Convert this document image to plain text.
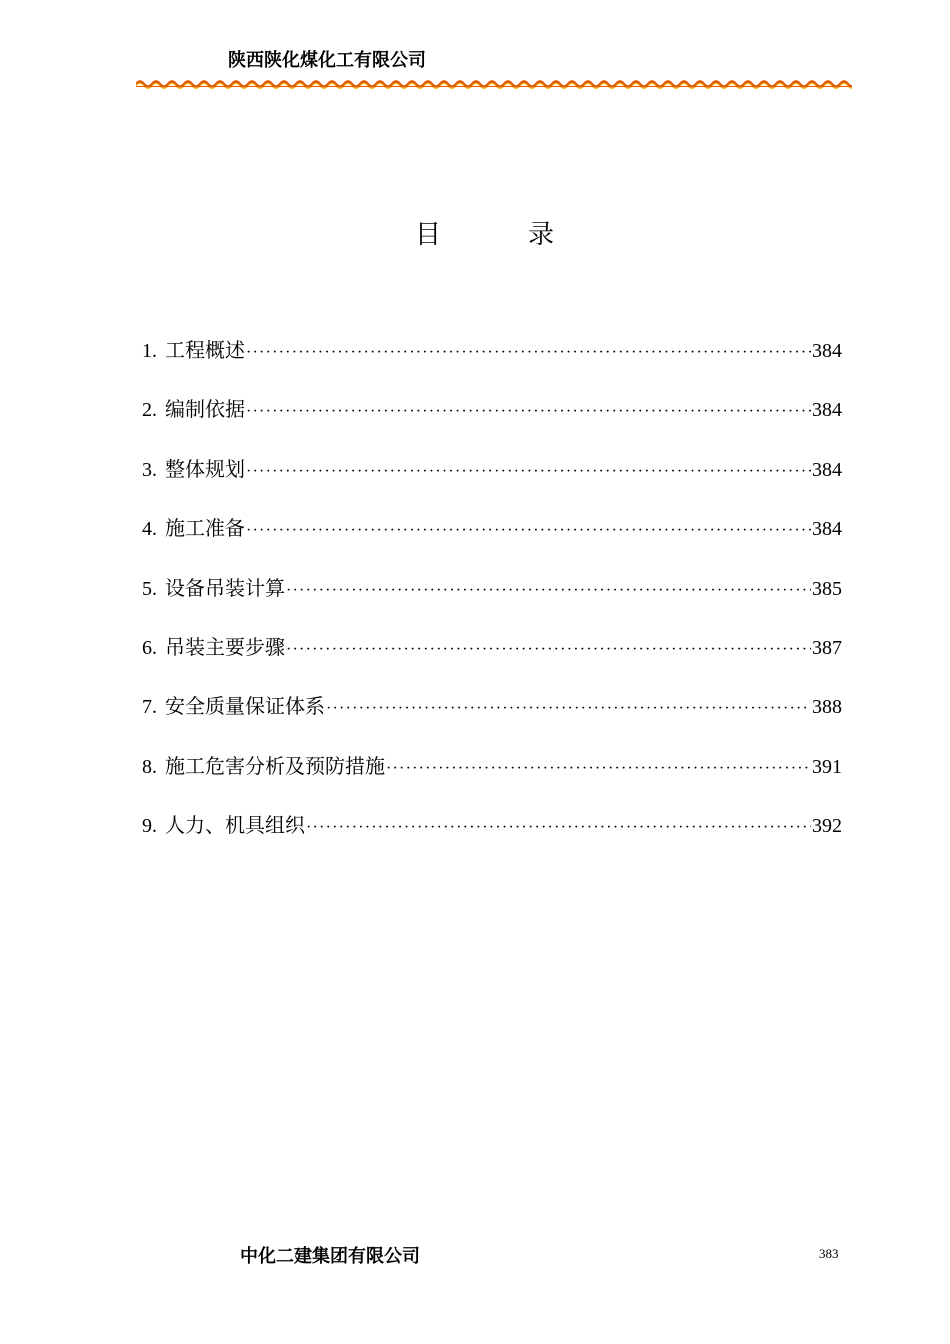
陕西陕化煤化工有限公司
目	录
1. 工程概述 ·····	384
2. 编制依据 ·····	384
3. 整体规划 ·····	384
4. 施工准备 ·····	384
5. 设备吊装计算 ·····	385
6. 吊装主要步骤 ·····	387
7. 安全质量保证体系 ·····	388
8. 施工危害分析及预防措施 ·····	391
9. 人力、机具组织 ·····	392
中化二建集团有限公司	383
